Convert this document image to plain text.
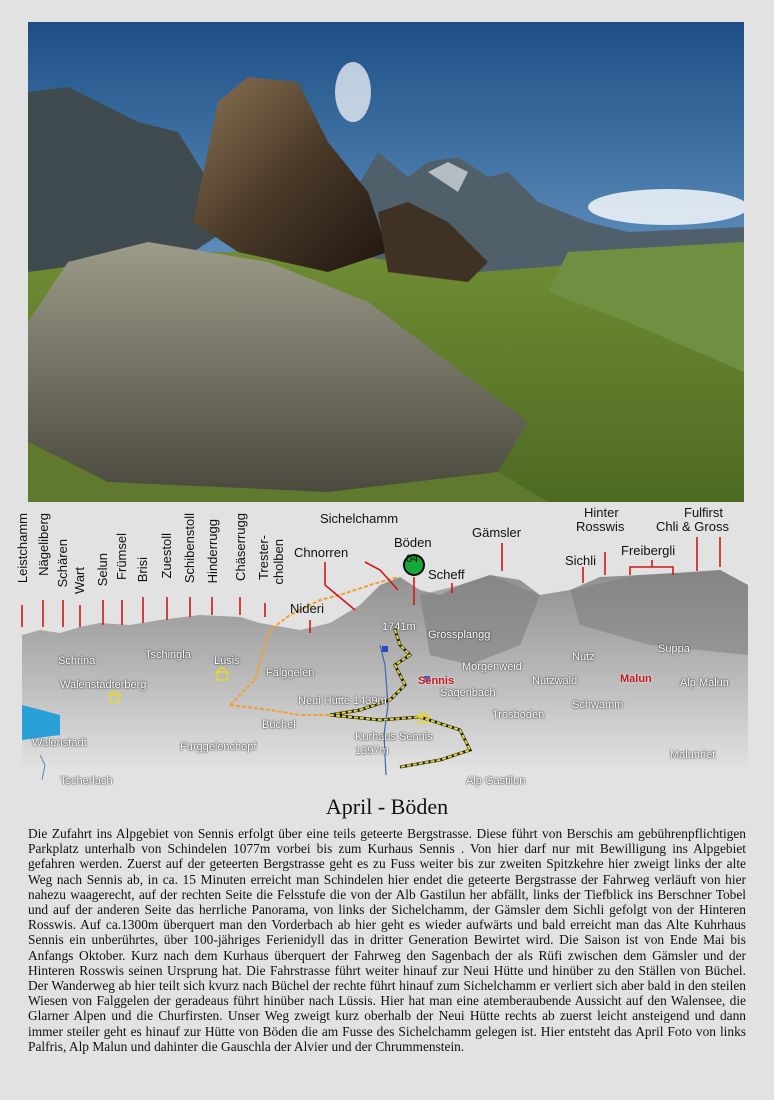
Leistchamm Nägeliberg Schären Wart Selun Frümsel Brisi Zuestoll Schibenstoll Hinderrugg Chäserrugg Trester- cholben Chnorren
Nideri
Sichelchamm
Böden
04
Scheff
Gämsler
Hinter
Rosswis
Sichli
Freibergli
Fulfirst
Chli & Gross
1741m
Grossplangg
Schrina	Tschingla Lüsis
Falggelen
Walenstadterberg
Morgenweid
Nutz
Suppa
Sennis
Sagenbach
Nutzwald	Malun	Alp Malun
Neui Hütte 1439m
Büchel
Trosboden
Schwamm
Walenstadt	Furggelenchopf
Kurhaus Sennis
1397m	Malunriet
Tscherlach	Alp Gastilun
April - Böden

Die Zufahrt ins Alpgebiet von Sennis erfolgt über eine teils geteerte Bergstrasse. Diese führt von Berschis am gebührenpflichtigen Parkplatz unterhalb von Schindelen 1077m vorbei bis zum Kurhaus Sennis . Von hier darf nur mit Bewilligung ins Alpgebiet gefahren werden. Zuerst auf der geteerten Bergstrasse geht es zu Fuss weiter bis zur zweiten Spitzkehre hier zweigt links der alte Weg nach Sennis ab, in ca. 15 Minuten erreicht man Schindelen hier endet die geteerte Bergstrasse der Fahrweg verläuft von hier nahezu waagerecht, auf der rechten Seite die Felsstufe die von der Alb Gastilun her abfällt, links der Tiefblick ins Berschner Tobel und auf der anderen Seite das herrliche Panorama, von links der Sichelchamm, der Gämsler dem Sichli gefolgt von der Hinteren Rosswis. Auf ca.1300m überquert man den Vorderbach ab hier geht es wieder aufwärts und bald erreicht man das Alte Kuhrhaus Sennis ein unberührtes, über 100-jähriges Ferienidyll das in dritter Generation Bewirtet wird. Die Saison ist von Ende Mai bis Anfangs Oktober. Kurz nach dem Kurhaus überquert der Fahrweg den Sagenbach der als Rüfi zwischen dem Gämsler und der Hinteren Rosswis seinen Ursprung hat. Die Fahrstrasse führt weiter hinauf zur Neui Hütte und hinüber zu den Ställen von Büchel. Der Wanderweg ab hier teilt sich kvurz nach Büchel der rechte führt hinauf zum Sichelchamm er verliert sich aber bald in den steilen Wiesen von Falggelen der geradeaus führt hinüber nach Lüssis. Hier hat man eine atemberaubende Aussicht auf den Walensee, die Glarner Alpen und die Churfirsten. Unser Weg zweigt kurz oberhalb der Neui Hütte rechts ab zuerst leicht ansteigend und dann immer steiler geht es hinauf zur Hütte von Böden die am Fusse des Sichelchamm gelegen ist. Hier entsteht das April Foto von links Palfris, Alp Malun und dahinter die Gauschla der Alvier und der Chrummenstein.
